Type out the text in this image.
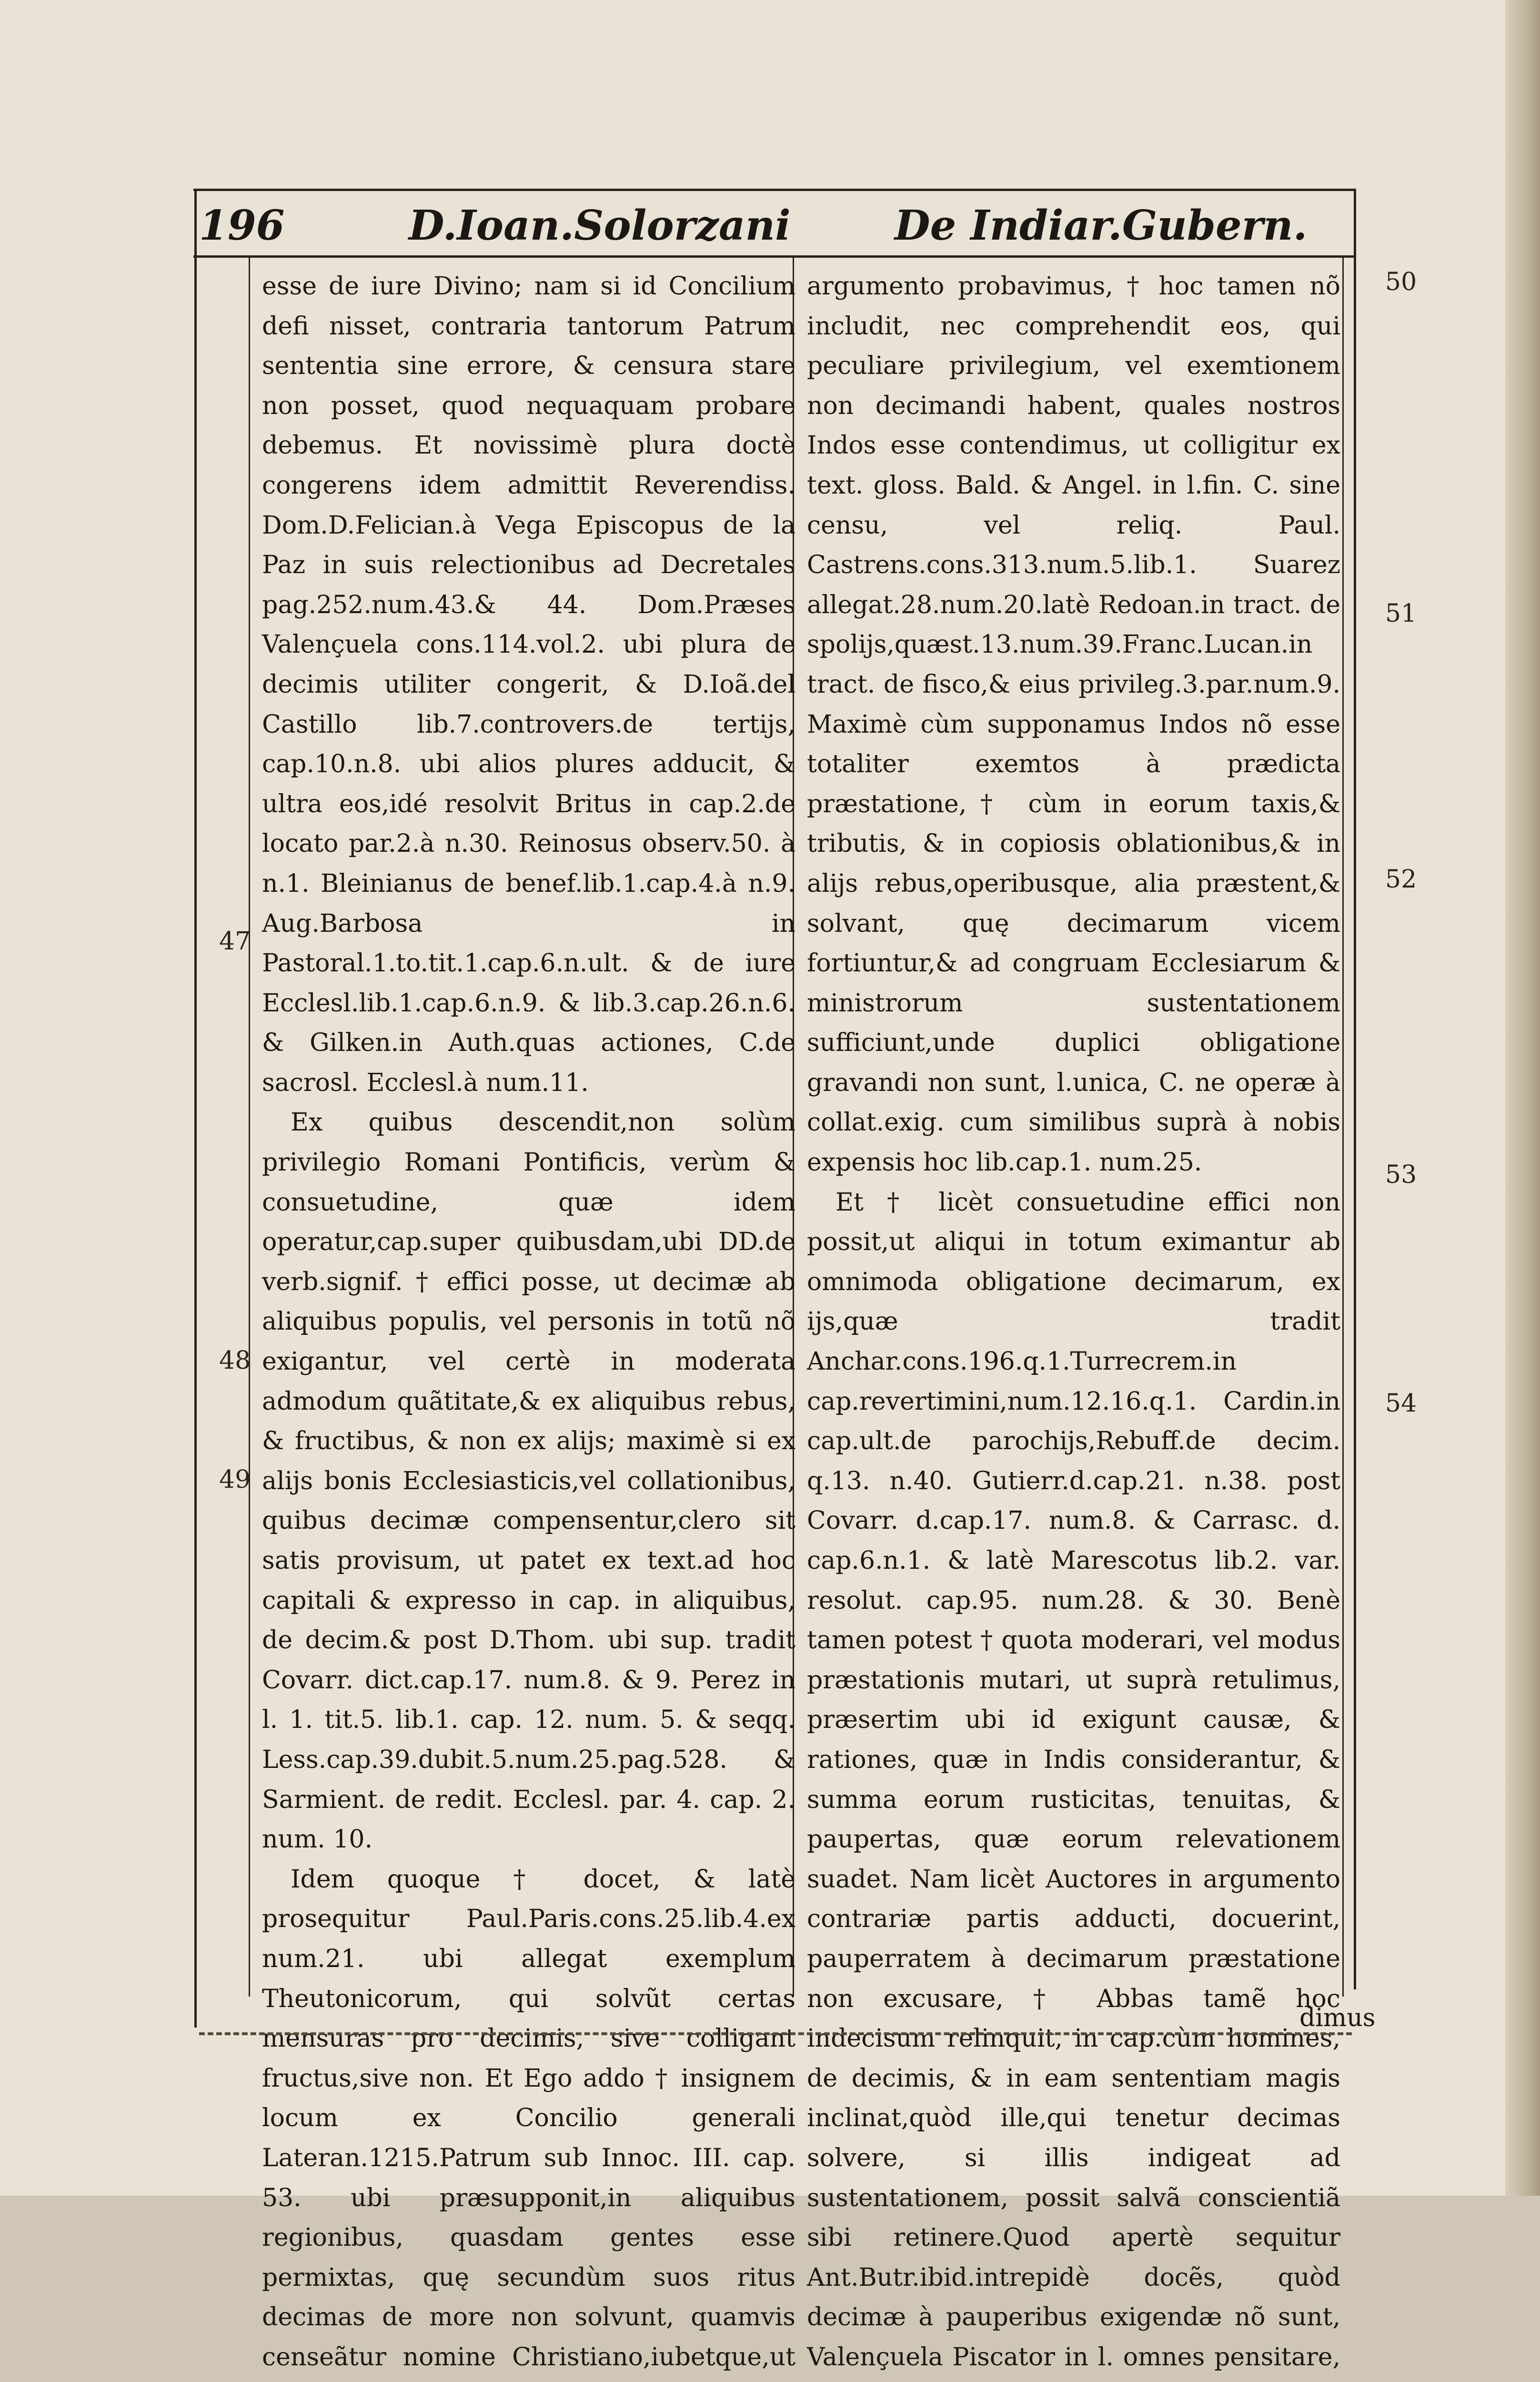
196	D.Ioan.Solorzani	De Indiar.Gubern.

esse de iure Divino; nam si id Concilium defi nisset, contraria tantorum Patrum sententia sine errore, & censura stare non posset, quod nequaquam probare debemus. Et novissimè plura doctè congerens idem admittit Reverendiss. Dom.D.Felician.à Vega Episcopus de la Paz in suis relectionibus ad Decretales pag.252.num.43.& 44. Dom.Præses Valençuela cons.114.vol.2. ubi plura de decimis utiliter congerit, & D.Ioã.del Castillo lib.7.controvers.de tertijs, cap.10.n.8. ubi alios plures adducit, & ultra eos,idé resolvit Britus in cap.2.de locato par.2.à n.30. Reinosus observ.50. à n.1. Bleinianus de benef.lib.1.cap.4.à n.9. Aug.Barbosa in Pastoral.1.to.tit.1.cap.6.n.ult. & de iure Ecclesl.lib.1.cap.6.n.9. & lib.3.cap.26.n.6. & Gilken.in Auth.quas actiones, C.de sacrosl. Ecclesl.à num.11.

Ex quibus descendit,non solùm privilegio Romani Pontificis, verùm & consuetudine, quæ idem operatur,cap.super quibusdam,ubi DD.de verb.signif. † effici posse, ut decimæ ab aliquibus populis, vel personis in totũ nõ exigantur, vel certè in moderata admodum quãtitate,& ex aliquibus rebus, & fructibus, & non ex alijs; maximè si ex alijs bonis Ecclesiasticis,vel collationibus, quibus decimæ compensentur,clero sit satis provisum, ut patet ex text.ad hoc capitali & expresso in cap. in aliquibus, de decim.& post D.Thom. ubi sup. tradit Covarr. dict.cap.17. num.8. & 9. Perez in l. 1. tit.5. lib.1. cap. 12. num. 5. & seqq. Less.cap.39.dubit.5.num.25.pag.528. & Sarmient. de redit. Ecclesl. par. 4. cap. 2. num. 10.

Idem quoque † docet, & latè prosequitur Paul.Paris.cons.25.lib.4.ex num.21. ubi allegat exemplum Theutonicorum, qui solvũt certas mensuras pro decimis, sive colligant fructus,sive non. Et Ego addo † insignem locum ex Concilio generali Lateran.1215.Patrum sub Innoc. III. cap. 53. ubi præsupponit,in aliquibus regionibus, quasdam gentes esse permixtas, quę secundùm suos ritus decimas de more non solvunt, quamvis censeãtur nomine Christiano,iubetque,ut

argumento probavimus, † hoc tamen nõ includit, nec comprehendit eos, qui peculiare privilegium, vel exemtionem non decimandi habent, quales nostros Indos esse contendimus, ut colligitur ex text. gloss. Bald. & Angel. in l.fin. C. sine censu, vel reliq. Paul. Castrens.cons.313.num.5.lib.1. Suarez allegat.28.num.20.latè Redoan.in tract. de spolijs,quæst.13.num.39.Franc.Lucan.in tract. de fisco,& eius privileg.3.par.num.9. Maximè cùm supponamus Indos nõ esse totaliter exemtos à prædicta præstatione,† cùm in eorum taxis,& tributis, & in copiosis oblationibus,& in alijs rebus,operibusque, alia præstent,& solvant, quę decimarum vicem fortiuntur,& ad congruam Ecclesiarum & ministrorum sustentationem sufficiunt,unde duplici obligatione gravandi non sunt, l.unica, C. ne operæ à collat.exig. cum similibus suprà à nobis expensis hoc lib.cap.1. num.25.

Et † licèt consuetudine effici non possit,ut aliqui in totum eximantur ab omnimoda obligatione decimarum, ex ijs,quæ tradit Anchar.cons.196.q.1.Turrecrem.in cap.revertimini,num.12.16.q.1. Cardin.in cap.ult.de parochijs,Rebuff.de decim. q.13. n.40. Gutierr.d.cap.21. n.38. post Covarr. d.cap.17. num.8. & Carrasc. d. cap.6.n.1. & latè Marescotus lib.2. var. resolut. cap.95. num.28. & 30. Benè tamen potest † quota moderari, vel modus præstationis mutari, ut suprà retulimus, præsertim ubi id exigunt causæ, & rationes, quæ in Indis considerantur, & summa eorum rusticitas, tenuitas, & paupertas, quæ eorum relevationem suadet. Nam licèt Auctores in argumento contrariæ partis adducti, docuerint, pauperratem à decimarum præstatione non excusare, † Abbas tamẽ hoc indecisum relinquit, in cap.cùm homines, de decimis, & in eam sententiam magis inclinat,quòd ille,qui tenetur decimas solvere, si illis indigeat ad sustentationem, possit salvã conscientiã sibi retinere.Quod apertè sequitur Ant.Butr.ibid.intrepidè docẽs, quòd decimæ à pauperibus exigendæ nõ sunt, Valençuela Piscator in l. omnes pensitare,

47
48
49
50
51
52
53
54
dimus
